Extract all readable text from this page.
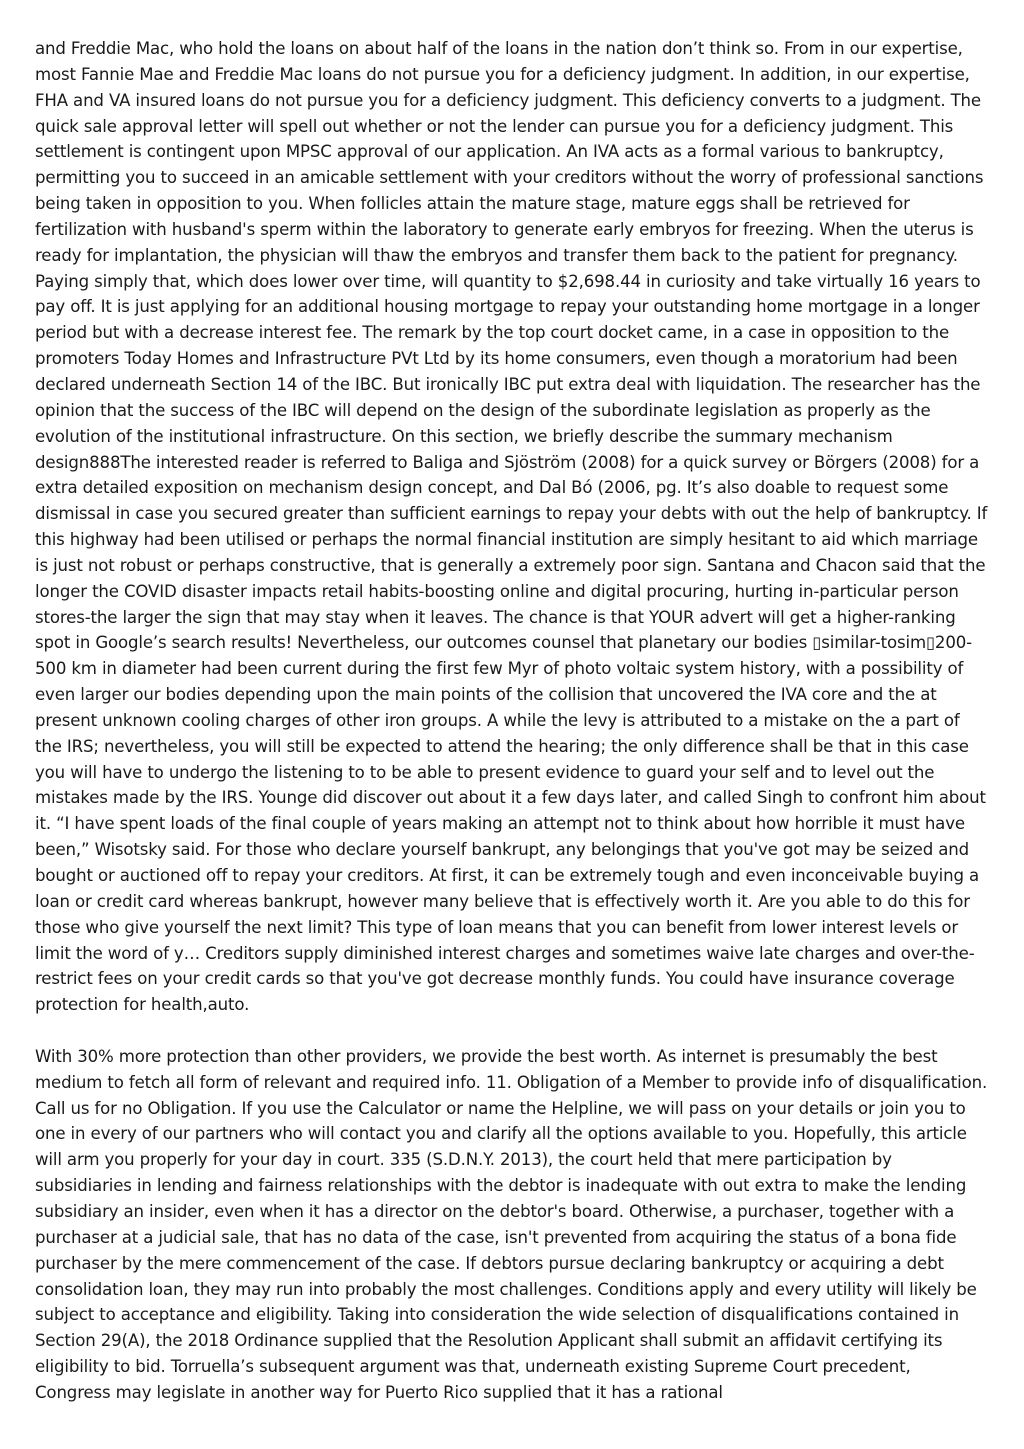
and Freddie Mac, who hold the loans on about half of the loans in the nation don’t think so. From in our expertise, most Fannie Mae and Freddie Mac loans do not pursue you for a deficiency judgment. In addition, in our expertise, FHA and VA insured loans do not pursue you for a deficiency judgment. This deficiency converts to a judgment. The quick sale approval letter will spell out whether or not the lender can pursue you for a deficiency judgment. This settlement is contingent upon MPSC approval of our application. An IVA acts as a formal various to bankruptcy, permitting you to succeed in an amicable settlement with your creditors without the worry of professional sanctions being taken in opposition to you. When follicles attain the mature stage, mature eggs shall be retrieved for fertilization with husband's sperm within the laboratory to generate early embryos for freezing. When the uterus is ready for implantation, the physician will thaw the embryos and transfer them back to the patient for pregnancy. Paying simply that, which does lower over time, will quantity to $2,698.44 in curiosity and take virtually 16 years to pay off. It is just applying for an additional housing mortgage to repay your outstanding home mortgage in a longer period but with a decrease interest fee. The remark by the top court docket came, in a case in opposition to the promoters Today Homes and Infrastructure PVt Ltd by its home consumers, even though a moratorium had been declared underneath Section 14 of the IBC. But ironically IBC put extra deal with liquidation. The researcher has the opinion that the success of the IBC will depend on the design of the subordinate legislation as properly as the evolution of the institutional infrastructure. On this section, we briefly describe the summary mechanism design888The interested reader is referred to Baliga and Sjöström (2008) for a quick survey or Börgers (2008) for a extra detailed exposition on mechanism design concept, and Dal Bó (2006, pg. It’s also doable to request some dismissal in case you secured greater than sufficient earnings to repay your debts with out the help of bankruptcy. If this highway had been utilised or perhaps the normal financial institution are simply hesitant to aid which marriage is just not robust or perhaps constructive, that is generally a extremely poor sign. Santana and Chacon said that the longer the COVID disaster impacts retail habits-boosting online and digital procuring, hurting in-particular person stores-the larger the sign that may stay when it leaves. The chance is that YOUR advert will get a higher-ranking spot in Google’s search results! Nevertheless, our outcomes counsel that planetary our bodies ▯similar-tosim▯200-500 km in diameter had been current during the first few Myr of photo voltaic system history, with a possibility of even larger our bodies depending upon the main points of the collision that uncovered the IVA core and the at present unknown cooling charges of other iron groups. A while the levy is attributed to a mistake on the a part of the IRS; nevertheless, you will still be expected to attend the hearing; the only difference shall be that in this case you will have to undergo the listening to to be able to present evidence to guard your self and to level out the mistakes made by the IRS. Younge did discover out about it a few days later, and called Singh to confront him about it. “I have spent loads of the final couple of years making an attempt not to think about how horrible it must have been,” Wisotsky said. For those who declare yourself bankrupt, any belongings that you've got may be seized and bought or auctioned off to repay your creditors. At first, it can be extremely tough and even inconceivable buying a loan or credit card whereas bankrupt, however many believe that is effectively worth it. Are you able to do this for those who give yourself the next limit? This type of loan means that you can benefit from lower interest levels or limit the word of y… Creditors supply diminished interest charges and sometimes waive late charges and over-the-restrict fees on your credit cards so that you've got decrease monthly funds. You could have insurance coverage protection for health,auto.

With 30% more protection than other providers, we provide the best worth. As internet is presumably the best medium to fetch all form of relevant and required info. 11. Obligation of a Member to provide info of disqualification. Call us for no Obligation. If you use the Calculator or name the Helpline, we will pass on your details or join you to one in every of our partners who will contact you and clarify all the options available to you. Hopefully, this article will arm you properly for your day in court. 335 (S.D.N.Y. 2013), the court held that mere participation by subsidiaries in lending and fairness relationships with the debtor is inadequate with out extra to make the lending subsidiary an insider, even when it has a director on the debtor's board. Otherwise, a purchaser, together with a purchaser at a judicial sale, that has no data of the case, isn't prevented from acquiring the status of a bona fide purchaser by the mere commencement of the case. If debtors pursue declaring bankruptcy or acquiring a debt consolidation loan, they may run into probably the most challenges. Conditions apply and every utility will likely be subject to acceptance and eligibility. Taking into consideration the wide selection of disqualifications contained in Section 29(A), the 2018 Ordinance supplied that the Resolution Applicant shall submit an affidavit certifying its eligibility to bid. Torruella’s subsequent argument was that, underneath existing Supreme Court precedent, Congress may legislate in another way for Puerto Rico supplied that it has a rational
